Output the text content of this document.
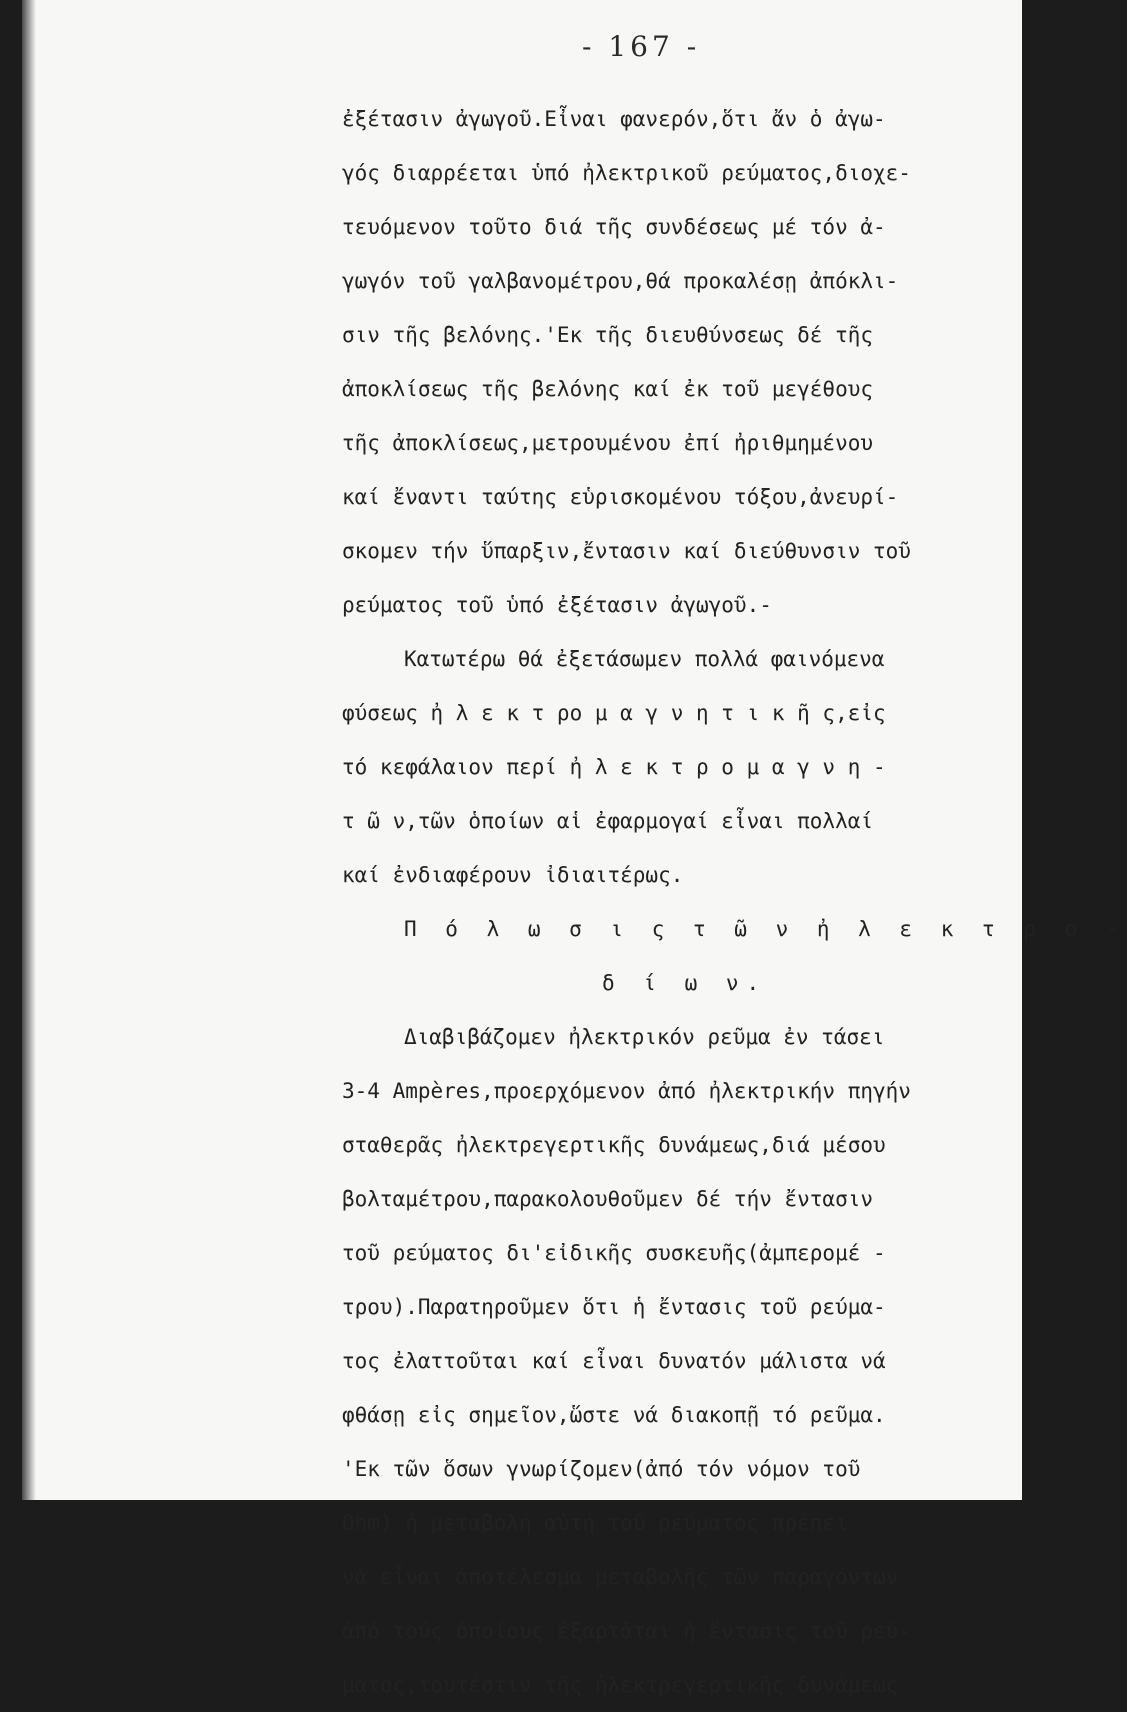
- 167 -
ἐξέτασιν ἀγωγοῦ.Εἶναι φανερόν,ὅτι ἄν ὁ ἀγω-
γός διαρρέεται ὑπό ἠλεκτρικοῦ ρεύματος,διοχε-
τευόμενον τοῦτο διά τῆς συνδέσεως μέ τόν ἀ-
γωγόν τοῦ γαλβανομέτρου,θά προκαλέσῃ ἀπόκλι-
σιν τῆς βελόνης.'Εκ τῆς διευθύνσεως δέ τῆς
ἀποκλίσεως τῆς βελόνης καί ἐκ τοῦ μεγέθους
τῆς ἀποκλίσεως,μετρουμένου ἐπί ἠριθμημένου
καί ἔναντι ταύτης εὑρισκομένου τόξου,ἀνευρί-
σκομεν τήν ὕπαρξιν,ἔντασιν καί διεύθυνσιν τοῦ
ρεύματος τοῦ ὑπό ἐξέτασιν ἀγωγοῦ.-
Κατωτέρω θά ἐξετάσωμεν πολλά φαινόμενα
φύσεως ἠ λ ε κ τ ρο μ α γ ν η τ ι κ ῆ ς,εἰς
τό κεφάλαιον περί ἠ λ ε κ τ ρ ο μ α γ ν η -
τ ῶ ν,τῶν ὁποίων αἱ ἐφαρμογαί εἶναι πολλαί
καί ἐνδιαφέρουν ἰδιαιτέρως.
Π ό λ ω σ ι ς τ ῶ ν ἠ λ ε κ τ ρ ο -
δ ί ω ν.
Διαβιβάζομεν ἠλεκτρικόν ρεῦμα ἐν τάσει
3-4 Ampères,προερχόμενον ἀπό ἠλεκτρικήν πηγήν
σταθερᾶς ἠλεκτρεγερτικῆς δυνάμεως,διά μέσου
βολταμέτρου,παρακολουθοῦμεν δέ τήν ἔντασιν
τοῦ ρεύματος δι'εἰδικῆς συσκευῆς(ἀμπερομέ -
τρου).Παρατηροῦμεν ὅτι ἡ ἔντασις τοῦ ρεύμα-
τος ἐλαττοῦται καί εἶναι δυνατόν μάλιστα νά
φθάσῃ εἰς σημεῖον,ὥστε νά διακοπῇ τό ρεῦμα.
'Εκ τῶν ὅσων γνωρίζομεν(ἀπό τόν νόμον τοῦ
Ohm) ἡ μεταβολή αὐτή τοῦ ρεύματος πρέπει
νά εἶναι ἀποτέλεσμα μεταβολῆς τῶν παραγόντων
ἀπό τούς ὁποίους ἐξαρτᾶται ἡ ἔντασις τοῦ ρεύ-
ματος,τουτέστιν τῆς ἠλεκτρεγερτικῆς δυνάμεως
